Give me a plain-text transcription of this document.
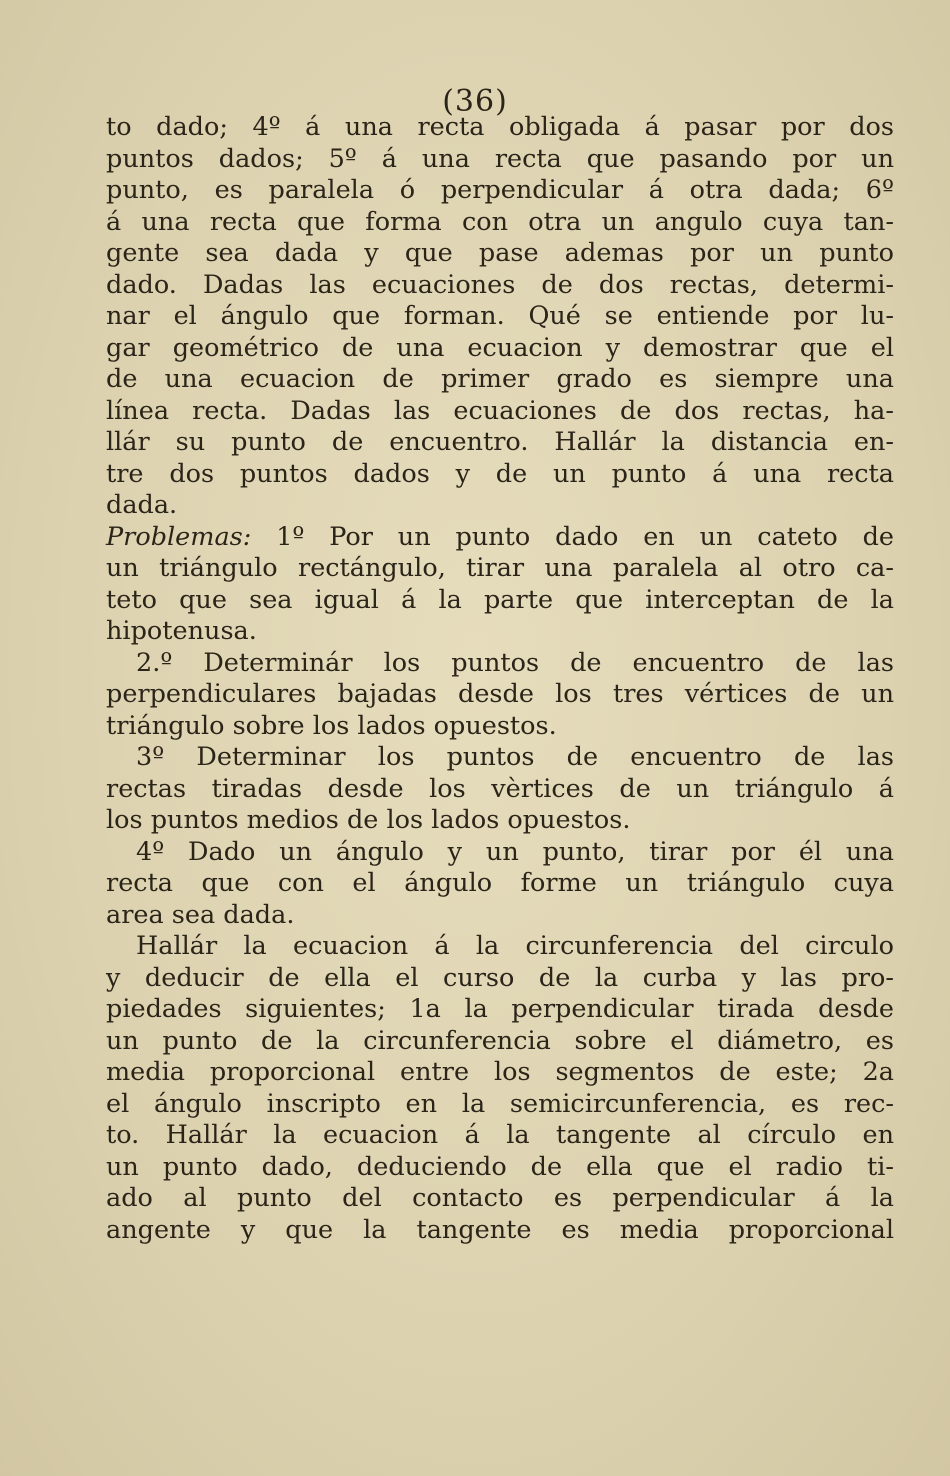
(36)
to dado; 4º á una recta obligada á pasar por dos
puntos dados; 5º á una recta que pasando por un
punto, es paralela ó perpendicular á otra dada; 6º
á una recta que forma con otra un angulo cuya tan-
gente sea dada y que pase ademas por un punto
dado. Dadas las ecuaciones de dos rectas, determi-
nar el ángulo que forman. Qué se entiende por lu-
gar geométrico de una ecuacion y demostrar que el
de una ecuacion de primer grado es siempre una
línea recta. Dadas las ecuaciones de dos rectas, ha-
llár su punto de encuentro. Hallár la distancia en-
tre dos puntos dados y de un punto á una recta
dada.
Problemas: 1º Por un punto dado en un cateto de
un triángulo rectángulo, tirar una paralela al otro ca-
teto que sea igual á la parte que interceptan de la
hipotenusa.
2.º Determinár los puntos de encuentro de las
perpendiculares bajadas desde los tres vértices de un
triángulo sobre los lados opuestos.
3º Determinar los puntos de encuentro de las
rectas tiradas desde los vèrtices de un triángulo á
los puntos medios de los lados opuestos.
4º Dado un ángulo y un punto, tirar por él una
recta que con el ángulo forme un triángulo cuya
area sea dada.
Hallár la ecuacion á la circunferencia del circulo
y deducir de ella el curso de la curba y las pro-
piedades siguientes; 1a la perpendicular tirada desde
un punto de la circunferencia sobre el diámetro, es
media proporcional entre los segmentos de este; 2a
el ángulo inscripto en la semicircunferencia, es rec-
to. Hallár la ecuacion á la tangente al círculo en
un punto dado, deduciendo de ella que el radio ti-
ado al punto del contacto es perpendicular á la
angente y que la tangente es media proporcional
